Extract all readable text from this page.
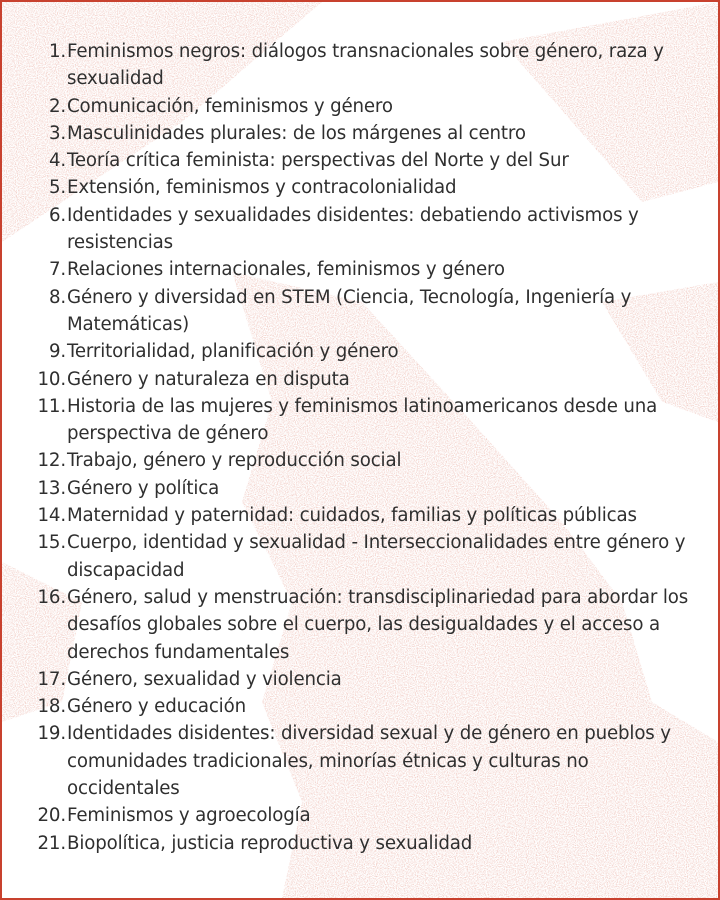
1. Feminismos negros: diálogos transnacionales sobre género, raza y sexualidad
2. Comunicación, feminismos y género
3. Masculinidades plurales: de los márgenes al centro
4. Teoría crítica feminista: perspectivas del Norte y del Sur
5. Extensión, feminismos y contracolonialidad
6. Identidades y sexualidades disidentes: debatiendo activismos y resistencias
7. Relaciones internacionales, feminismos y género
8. Género y diversidad en STEM (Ciencia, Tecnología, Ingeniería y Matemáticas)
9. Territorialidad, planificación y género
10. Género y naturaleza en disputa
11. Historia de las mujeres y feminismos latinoamericanos desde una perspectiva de género
12. Trabajo, género y reproducción social
13. Género y política
14. Maternidad y paternidad: cuidados, familias y políticas públicas
15. Cuerpo, identidad y sexualidad - Interseccionalidades entre género y discapacidad
16. Género, salud y menstruación: transdisciplinariedad para abordar los desafíos globales sobre el cuerpo, las desigualdades y el acceso a derechos fundamentales
17. Género, sexualidad y violencia
18. Género y educación
19. Identidades disidentes: diversidad sexual y de género en pueblos y comunidades tradicionales, minorías étnicas y culturas no occidentales
20. Feminismos y agroecología
21. Biopolítica, justicia reproductiva y sexualidad
